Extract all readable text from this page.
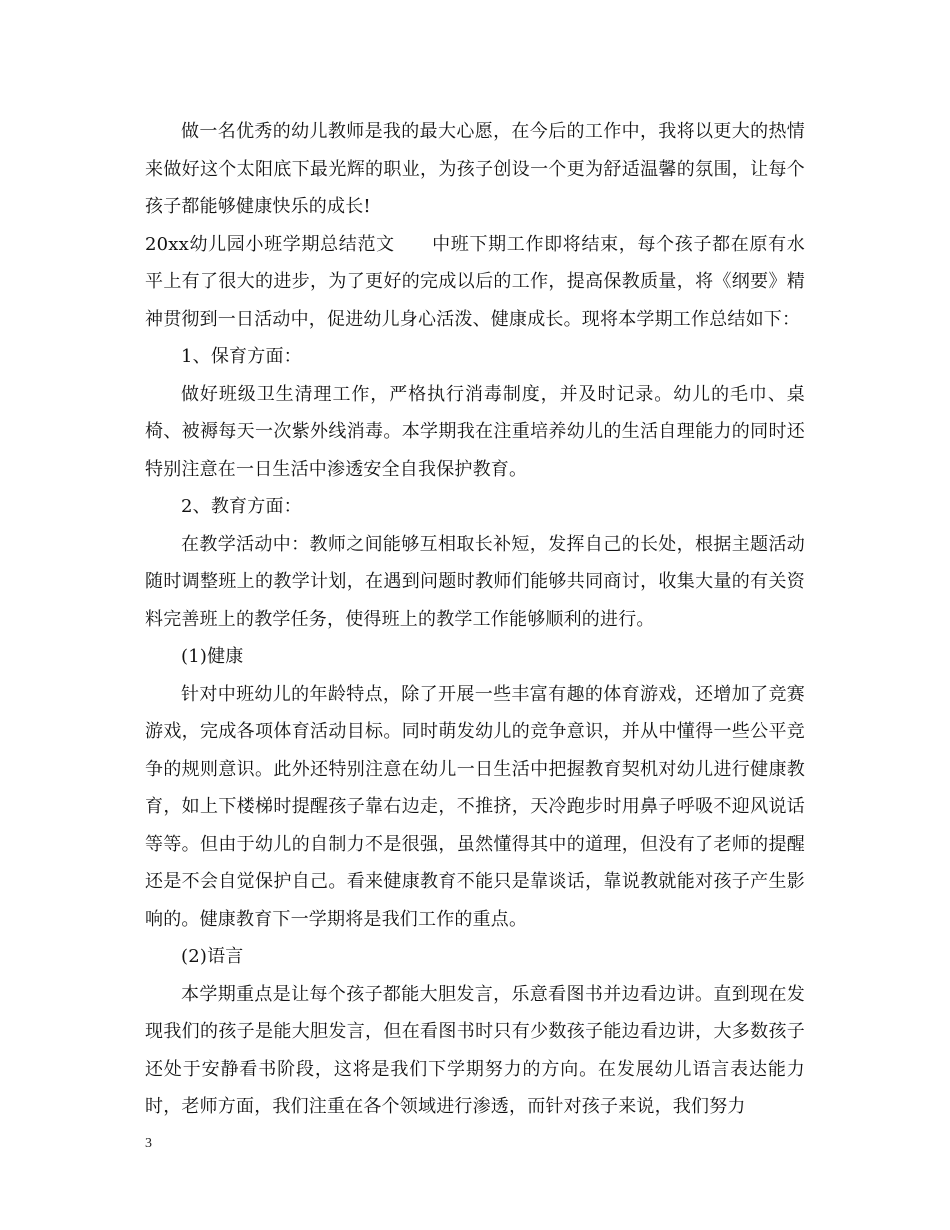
做一名优秀的幼儿教师是我的最大心愿，在今后的工作中，我将以更大的热情来做好这个太阳底下最光辉的职业，为孩子创设一个更为舒适温馨的氛围，让每个孩子都能够健康快乐的成长!

20xx幼儿园小班学期总结范文　　中班下期工作即将结束，每个孩子都在原有水平上有了很大的进步，为了更好的完成以后的工作，提高保教质量，将《纲要》精神贯彻到一日活动中，促进幼儿身心活泼、健康成长。现将本学期工作总结如下：

1、保育方面：

做好班级卫生清理工作，严格执行消毒制度，并及时记录。幼儿的毛巾、桌椅、被褥每天一次紫外线消毒。本学期我在注重培养幼儿的生活自理能力的同时还特别注意在一日生活中渗透安全自我保护教育。

2、教育方面：

在教学活动中：教师之间能够互相取长补短，发挥自己的长处，根据主题活动随时调整班上的教学计划，在遇到问题时教师们能够共同商讨，收集大量的有关资料完善班上的教学任务，使得班上的教学工作能够顺利的进行。

(1)健康

针对中班幼儿的年龄特点，除了开展一些丰富有趣的体育游戏，还增加了竞赛游戏，完成各项体育活动目标。同时萌发幼儿的竞争意识，并从中懂得一些公平竞争的规则意识。此外还特别注意在幼儿一日生活中把握教育契机对幼儿进行健康教育，如上下楼梯时提醒孩子靠右边走，不推挤，天冷跑步时用鼻子呼吸不迎风说话等等。但由于幼儿的自制力不是很强，虽然懂得其中的道理，但没有了老师的提醒还是不会自觉保护自己。看来健康教育不能只是靠谈话，靠说教就能对孩子产生影响的。健康教育下一学期将是我们工作的重点。

(2)语言

本学期重点是让每个孩子都能大胆发言，乐意看图书并边看边讲。直到现在发现我们的孩子是能大胆发言，但在看图书时只有少数孩子能边看边讲，大多数孩子还处于安静看书阶段，这将是我们下学期努力的方向。在发展幼儿语言表达能力时，老师方面，我们注重在各个领域进行渗透，而针对孩子来说，我们努力

3
